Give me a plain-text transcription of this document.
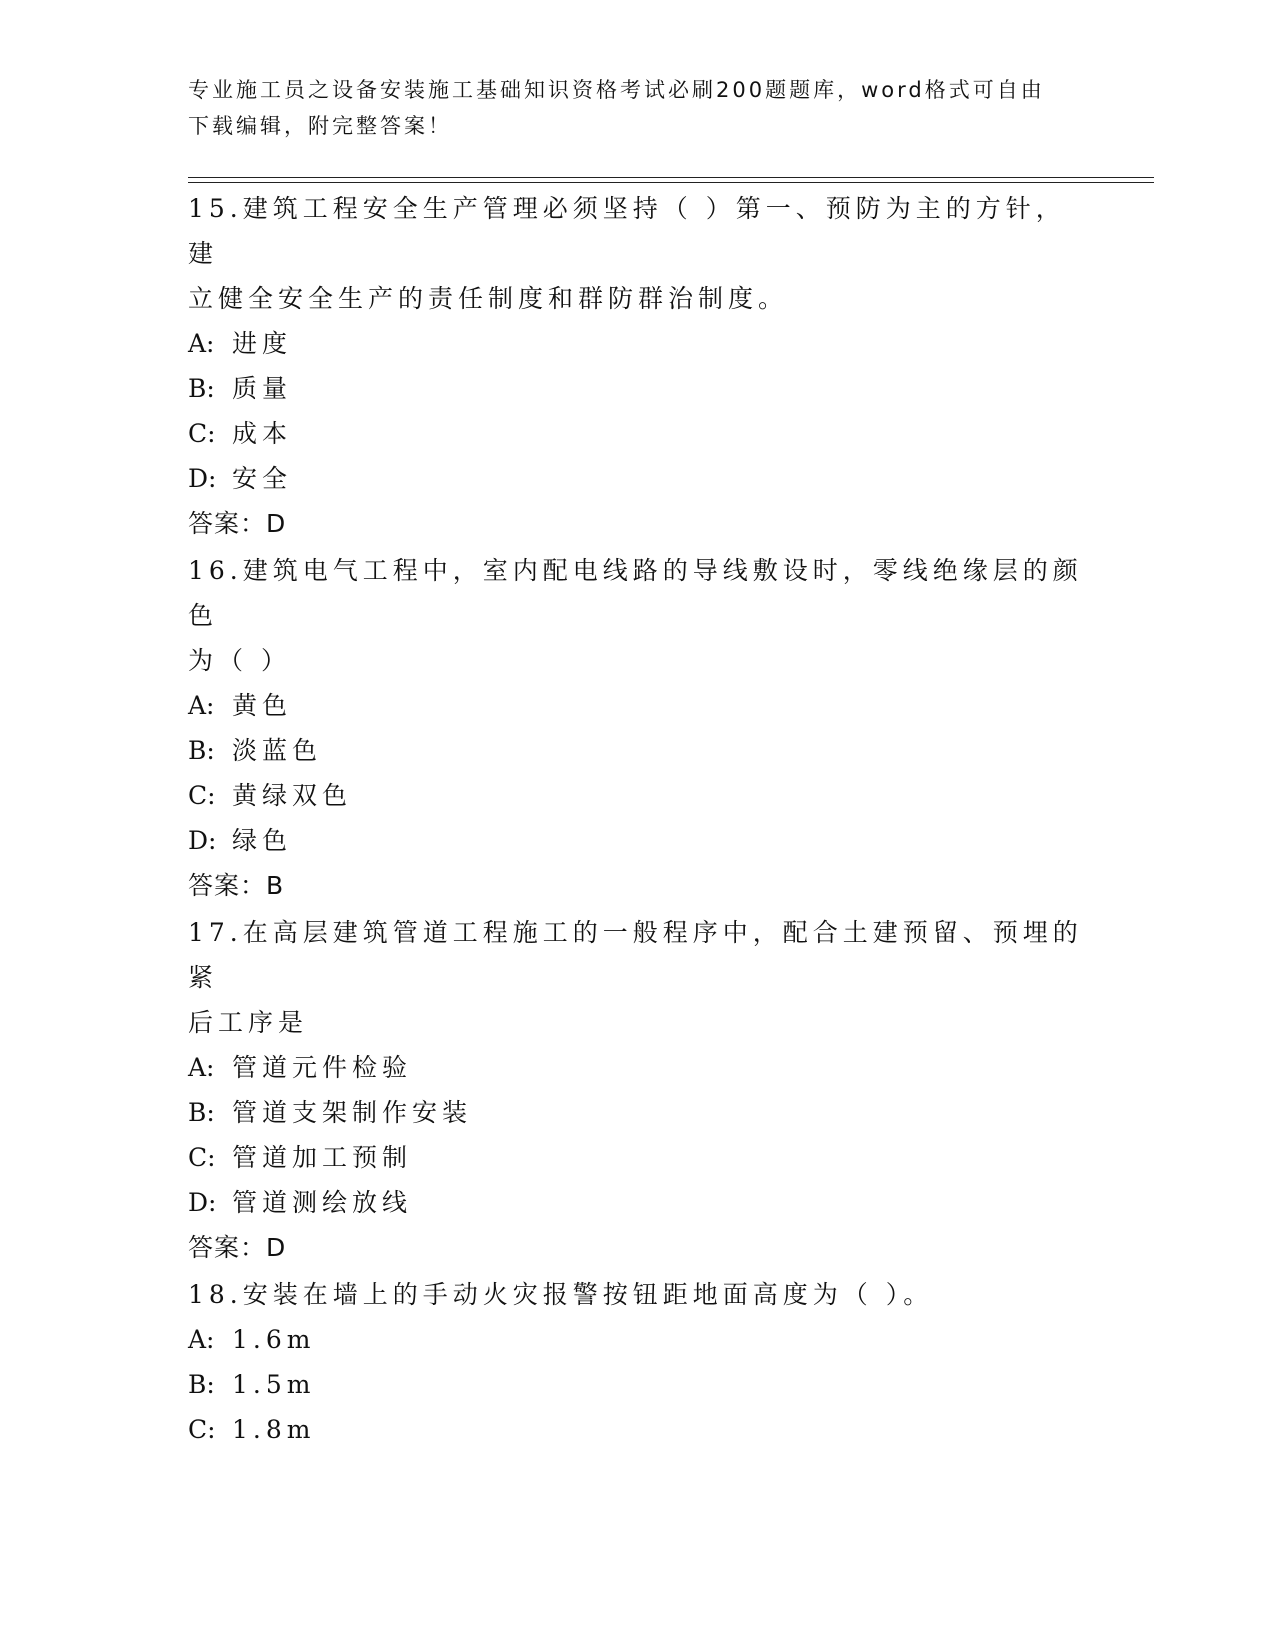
专业施工员之设备安装施工基础知识资格考试必刷200题题库，word格式可自由
下载编辑，附完整答案！
15.建筑工程安全生产管理必须坚持（ ）第一、预防为主的方针，建
立健全安全生产的责任制度和群防群治制度。
A: 进度
B: 质量
C: 成本
D: 安全
答案：D
16.建筑电气工程中，室内配电线路的导线敷设时，零线绝缘层的颜色
为（ ）
A: 黄色
B: 淡蓝色
C: 黄绿双色
D: 绿色
答案：B
17.在高层建筑管道工程施工的一般程序中，配合土建预留、预埋的紧
后工序是
A: 管道元件检验
B: 管道支架制作安装
C: 管道加工预制
D: 管道测绘放线
答案：D
18.安装在墙上的手动火灾报警按钮距地面高度为（ ）。
A: 1.6m
B: 1.5m
C: 1.8m
